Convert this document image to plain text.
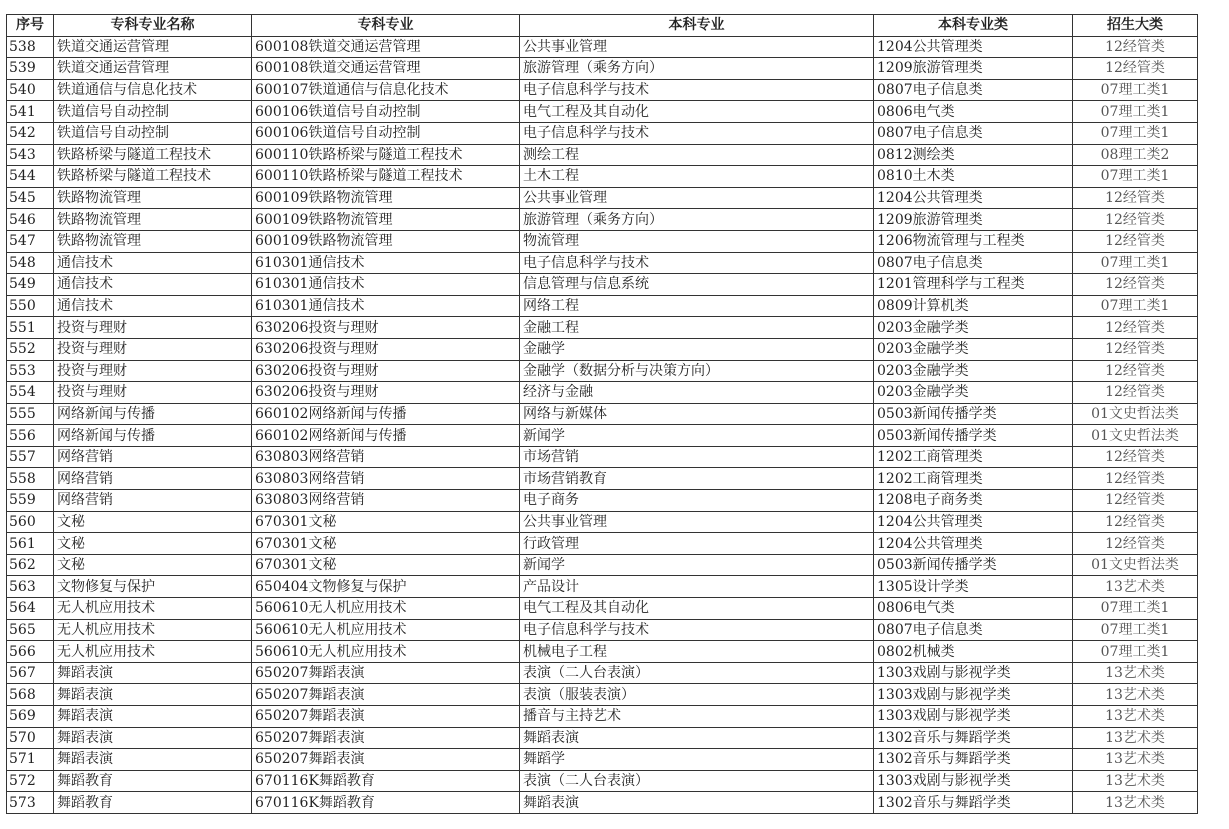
序号	专科专业名称	专科专业	本科专业	本科专业类	招生大类
538	铁道交通运营管理	600108铁道交通运营管理	公共事业管理	1204公共管理类	12经管类
539	铁道交通运营管理	600108铁道交通运营管理	旅游管理（乘务方向）	1209旅游管理类	12经管类
540	铁道通信与信息化技术	600107铁道通信与信息化技术	电子信息科学与技术	0807电子信息类	07理工类1
541	铁道信号自动控制	600106铁道信号自动控制	电气工程及其自动化	0806电气类	07理工类1
542	铁道信号自动控制	600106铁道信号自动控制	电子信息科学与技术	0807电子信息类	07理工类1
543	铁路桥梁与隧道工程技术	600110铁路桥梁与隧道工程技术	测绘工程	0812测绘类	08理工类2
544	铁路桥梁与隧道工程技术	600110铁路桥梁与隧道工程技术	土木工程	0810土木类	07理工类1
545	铁路物流管理	600109铁路物流管理	公共事业管理	1204公共管理类	12经管类
546	铁路物流管理	600109铁路物流管理	旅游管理（乘务方向）	1209旅游管理类	12经管类
547	铁路物流管理	600109铁路物流管理	物流管理	1206物流管理与工程类	12经管类
548	通信技术	610301通信技术	电子信息科学与技术	0807电子信息类	07理工类1
549	通信技术	610301通信技术	信息管理与信息系统	1201管理科学与工程类	12经管类
550	通信技术	610301通信技术	网络工程	0809计算机类	07理工类1
551	投资与理财	630206投资与理财	金融工程	0203金融学类	12经管类
552	投资与理财	630206投资与理财	金融学	0203金融学类	12经管类
553	投资与理财	630206投资与理财	金融学（数据分析与决策方向）	0203金融学类	12经管类
554	投资与理财	630206投资与理财	经济与金融	0203金融学类	12经管类
555	网络新闻与传播	660102网络新闻与传播	网络与新媒体	0503新闻传播学类	01文史哲法类
556	网络新闻与传播	660102网络新闻与传播	新闻学	0503新闻传播学类	01文史哲法类
557	网络营销	630803网络营销	市场营销	1202工商管理类	12经管类
558	网络营销	630803网络营销	市场营销教育	1202工商管理类	12经管类
559	网络营销	630803网络营销	电子商务	1208电子商务类	12经管类
560	文秘	670301文秘	公共事业管理	1204公共管理类	12经管类
561	文秘	670301文秘	行政管理	1204公共管理类	12经管类
562	文秘	670301文秘	新闻学	0503新闻传播学类	01文史哲法类
563	文物修复与保护	650404文物修复与保护	产品设计	1305设计学类	13艺术类
564	无人机应用技术	560610无人机应用技术	电气工程及其自动化	0806电气类	07理工类1
565	无人机应用技术	560610无人机应用技术	电子信息科学与技术	0807电子信息类	07理工类1
566	无人机应用技术	560610无人机应用技术	机械电子工程	0802机械类	07理工类1
567	舞蹈表演	650207舞蹈表演	表演（二人台表演）	1303戏剧与影视学类	13艺术类
568	舞蹈表演	650207舞蹈表演	表演（服装表演）	1303戏剧与影视学类	13艺术类
569	舞蹈表演	650207舞蹈表演	播音与主持艺术	1303戏剧与影视学类	13艺术类
570	舞蹈表演	650207舞蹈表演	舞蹈表演	1302音乐与舞蹈学类	13艺术类
571	舞蹈表演	650207舞蹈表演	舞蹈学	1302音乐与舞蹈学类	13艺术类
572	舞蹈教育	670116K舞蹈教育	表演（二人台表演）	1303戏剧与影视学类	13艺术类
573	舞蹈教育	670116K舞蹈教育	舞蹈表演	1302音乐与舞蹈学类	13艺术类
